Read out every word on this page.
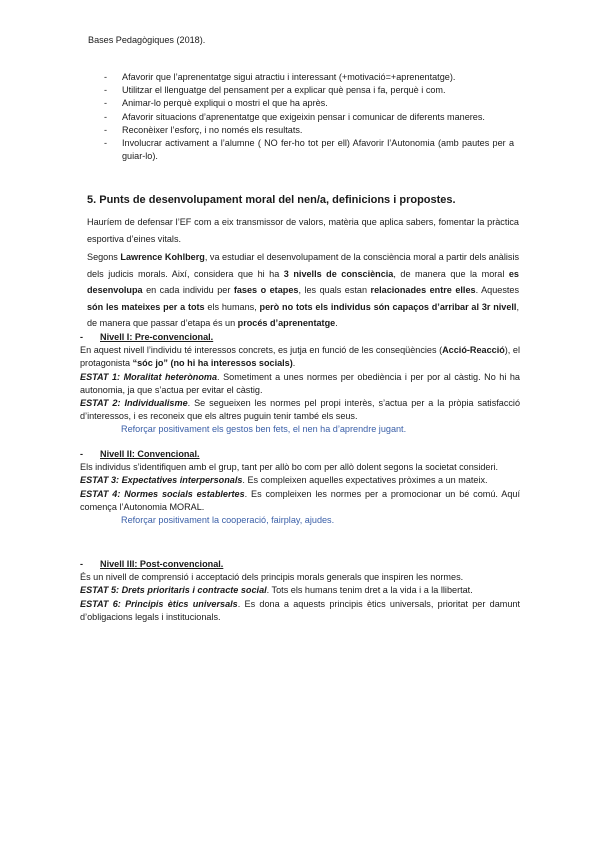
Bases Pedagògiques (2018).
-	Afavorir que l’aprenentatge sigui atractiu i interessant (+motivació=+aprenentatge).
-	Utilitzar el llenguatge del pensament per a explicar què pensa i fa, perquè i com.
-	Animar-lo perquè expliqui o mostri el que ha après.
-	Afavorir situacions d’aprenentatge que exigeixin pensar i comunicar de diferents maneres.
-	Reconèixer l’esforç, i no només els resultats.
-	Involucrar activament a l’alumne ( NO fer-ho tot per ell) Afavorir l’Autonomia (amb pautes per a guiar-lo).
5. Punts de desenvolupament moral del nen/a, definicions i propostes.

Hauríem de defensar l’EF com a eix transmissor de valors, matèria que aplica sabers, fomentar la pràctica esportiva d’eines vitals.

Segons Lawrence Kohlberg, va estudiar el desenvolupament de la consciència moral a partir dels anàlisis dels judicis morals. Així, considera que hi ha 3 nivells de consciència, de manera que la moral es desenvolupa en cada individu per fases o etapes, les quals estan relacionades entre elles. Aquestes són les mateixes per a tots els humans, però no tots els individus són capaços d’arribar al 3r nivell, de manera que passar d’etapa és un procés d’aprenentatge.

-	Nivell I: Pre-convencional.

En aquest nivell l’individu té interessos concrets, es jutja en funció de les conseqüències (Acció-Reacció), el protagonista “sóc jo” (no hi ha interessos socials).

ESTAT 1: Moralitat heterònoma. Sometiment a unes normes per obediència i per por al càstig. No hi ha autonomia, ja que s’actua per evitar el càstig.

ESTAT 2: Individualisme. Se segueixen les normes pel propi interès, s’actua per a la pròpia satisfacció d’interessos, i es reconeix que els altres puguin tenir també els seus.

Reforçar positivament els gestos ben fets, el nen ha d’aprendre jugant.

-	Nivell II: Convencional.

Els individus s’identifiquen amb el grup, tant per allò bo com per allò dolent segons la societat consideri.

ESTAT 3: Expectatives interpersonals. Es compleixen aquelles expectatives pròximes a un mateix.

ESTAT 4: Normes socials establertes. Es compleixen les normes per a promocionar un bé comú. Aquí comença l’Autonomia MORAL.

Reforçar positivament la cooperació, fairplay, ajudes.

-	Nivell III: Post-convencional.

És un nivell de comprensió i acceptació dels principis morals generals que inspiren les normes.

ESTAT 5: Drets prioritaris i contracte social. Tots els humans tenim dret a la vida i a la llibertat.

ESTAT 6: Principis ètics universals. Es dona a aquests principis ètics universals, prioritat per damunt d’obligacions legals i institucionals.
